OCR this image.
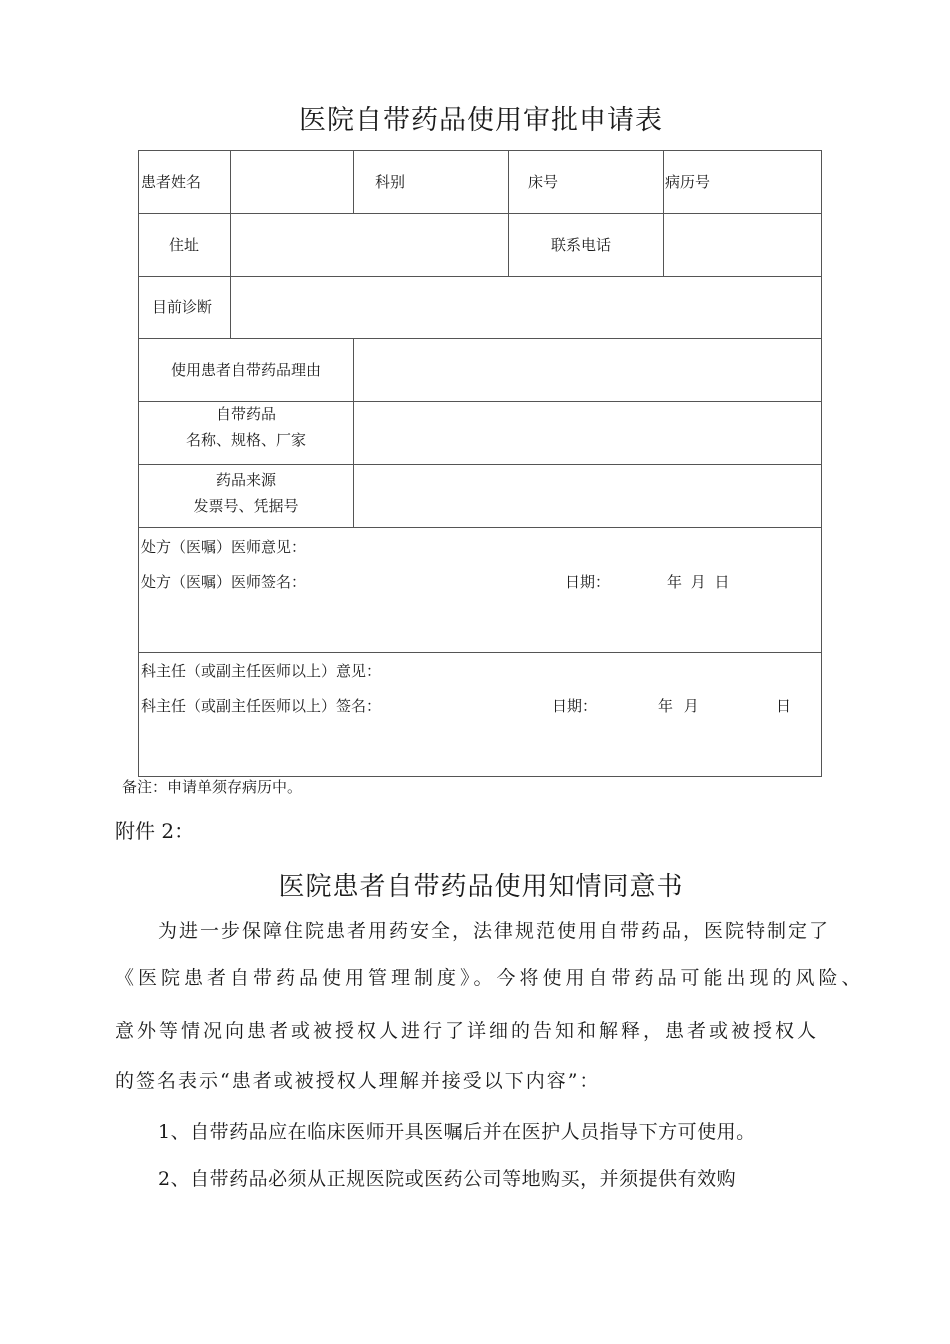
医院自带药品使用审批申请表
患者姓名	科别	床号	病历号
住址	联系电话
目前诊断
使用患者自带药品理由
自带药品
名称、规格、厂家
药品来源
发票号、凭据号
处方（医嘱）医师意见：
处方（医嘱）医师签名：	日期：	年 月 日
科主任（或副主任医师以上）意见：
科主任（或副主任医师以上）签名：	日期：	年 月	日
备注：申请单须存病历中。
附件 2：
医院患者自带药品使用知情同意书
为进一步保障住院患者用药安全，法律规范使用自带药品，医院特制定了
《医院患者自带药品使用管理制度》。今将使用自带药品可能出现的风险、
意外等情况向患者或被授权人进行了详细的告知和解释，患者或被授权人
的签名表示“患者或被授权人理解并接受以下内容”：
1、自带药品应在临床医师开具医嘱后并在医护人员指导下方可使用。
2、自带药品必须从正规医院或医药公司等地购买，并须提供有效购
